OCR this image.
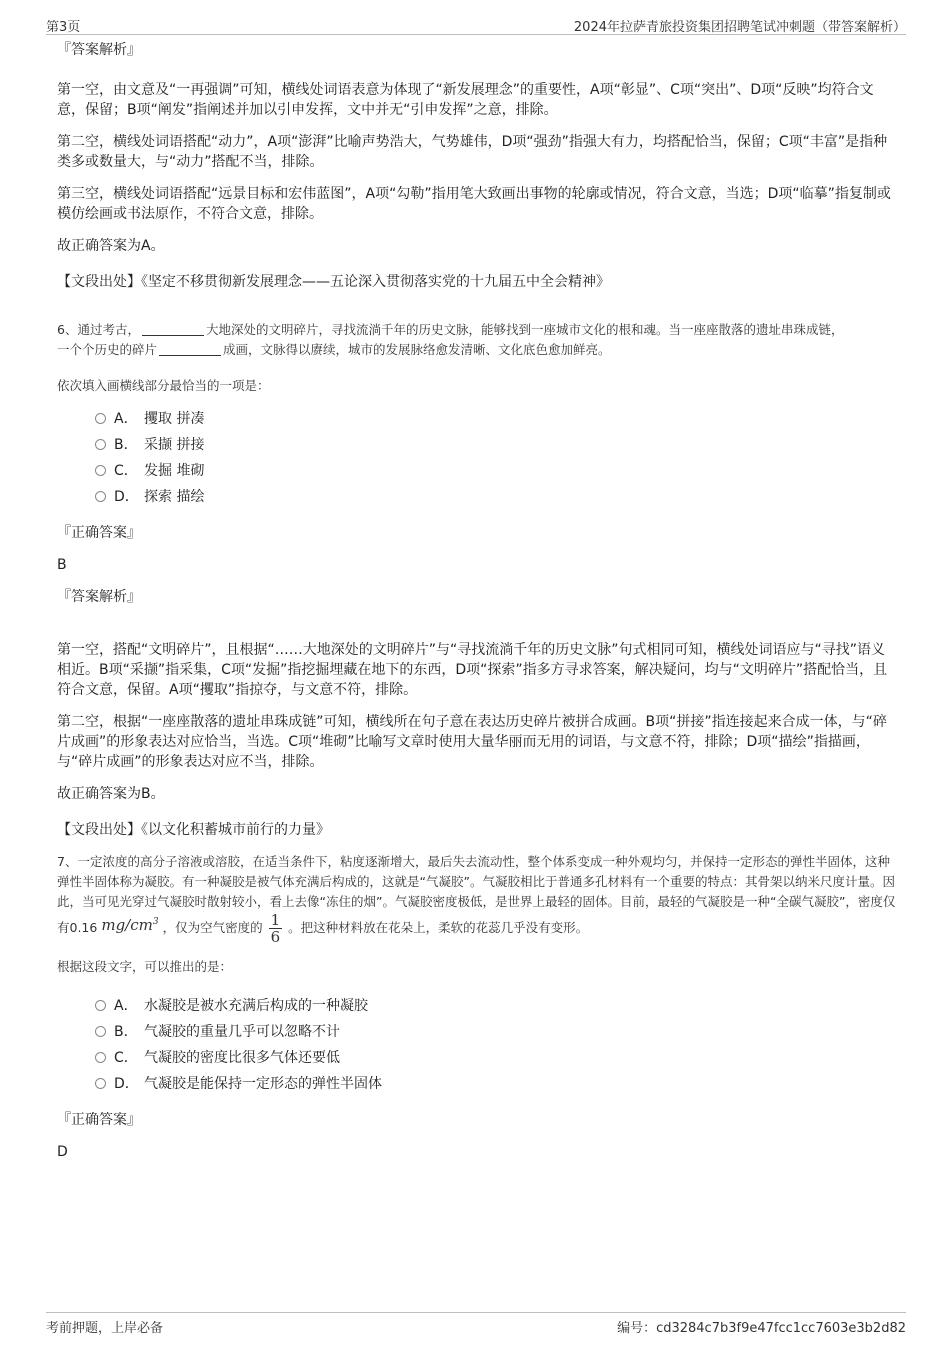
第3页	2024年拉萨青旅投资集团招聘笔试冲刺题（带答案解析）

『答案解析』

第一空，由文意及“一再强调”可知，横线处词语表意为体现了“新发展理念”的重要性，A项“彰显”、C项“突出”、D项“反映”均符合文意，保留；B项“阐发”指阐述并加以引申发挥，文中并无“引申发挥”之意，排除。

第二空，横线处词语搭配“动力”，A项“澎湃”比喻声势浩大，气势雄伟，D项“强劲”指强大有力，均搭配恰当，保留；C项“丰富”是指种类多或数量大，与“动力”搭配不当，排除。

第三空，横线处词语搭配“远景目标和宏伟蓝图”，A项“勾勒”指用笔大致画出事物的轮廓或情况，符合文意，当选；D项“临摹”指复制或模仿绘画或书法原作，不符合文意，排除。

故正确答案为A。

【文段出处】《坚定不移贯彻新发展理念——五论深入贯彻落实党的十九届五中全会精神》

6、通过考古，	大地深处的文明碎片，寻找流淌千年的历史文脉，能够找到一座城市文化的根和魂。当一座座散落的遗址串珠成链，
一个个历史的碎片	成画，文脉得以赓续，城市的发展脉络愈发清晰、文化底色愈加鲜亮。

依次填入画横线部分最恰当的一项是：

A． 攫取 拼凑
B． 采撷 拼接
C． 发掘 堆砌
D． 探索 描绘

『正确答案』

B

『答案解析』

第一空，搭配“文明碎片”，且根据“……大地深处的文明碎片”与“寻找流淌千年的历史文脉”句式相同可知，横线处词语应与“寻找”语义相近。B项“采撷”指采集，C项“发掘”指挖掘埋藏在地下的东西，D项“探索”指多方寻求答案，解决疑问，均与“文明碎片”搭配恰当，且符合文意，保留。A项“攫取”指掠夺，与文意不符，排除。

第二空，根据“一座座散落的遗址串珠成链”可知，横线所在句子意在表达历史碎片被拼合成画。B项“拼接”指连接起来合成一体，与“碎片成画”的形象表达对应恰当，当选。C项“堆砌”比喻写文章时使用大量华丽而无用的词语，与文意不符，排除；D项“描绘”指描画，与“碎片成画”的形象表达对应不当，排除。

故正确答案为B。

【文段出处】《以文化积蓄城市前行的力量》

7、一定浓度的高分子溶液或溶胶，在适当条件下，粘度逐渐增大，最后失去流动性，整个体系变成一种外观均匀，并保持一定形态的弹性半固体，这种弹性半固体称为凝胶。有一种凝胶是被气体充满后构成的，这就是“气凝胶”。气凝胶相比于普通多孔材料有一个重要的特点：其骨架以纳米尺度计量。因此，当可见光穿过气凝胶时散射较小，看上去像“冻住的烟”。气凝胶密度极低，是世界上最轻的固体。目前，最轻的气凝胶是一种“全碳气凝胶”，密度仅有0.16 $mg/cm^3$ ，仅为空气密度的 $\frac{1}{6}$ 。把这种材料放在花朵上，柔软的花蕊几乎没有变形。

根据这段文字，可以推出的是：

A． 水凝胶是被水充满后构成的一种凝胶
B． 气凝胶的重量几乎可以忽略不计
C． 气凝胶的密度比很多气体还要低
D． 气凝胶是能保持一定形态的弹性半固体

『正确答案』

D

考前押题，上岸必备	编号：cd3284c7b3f9e47fcc1cc7603e3b2d82
